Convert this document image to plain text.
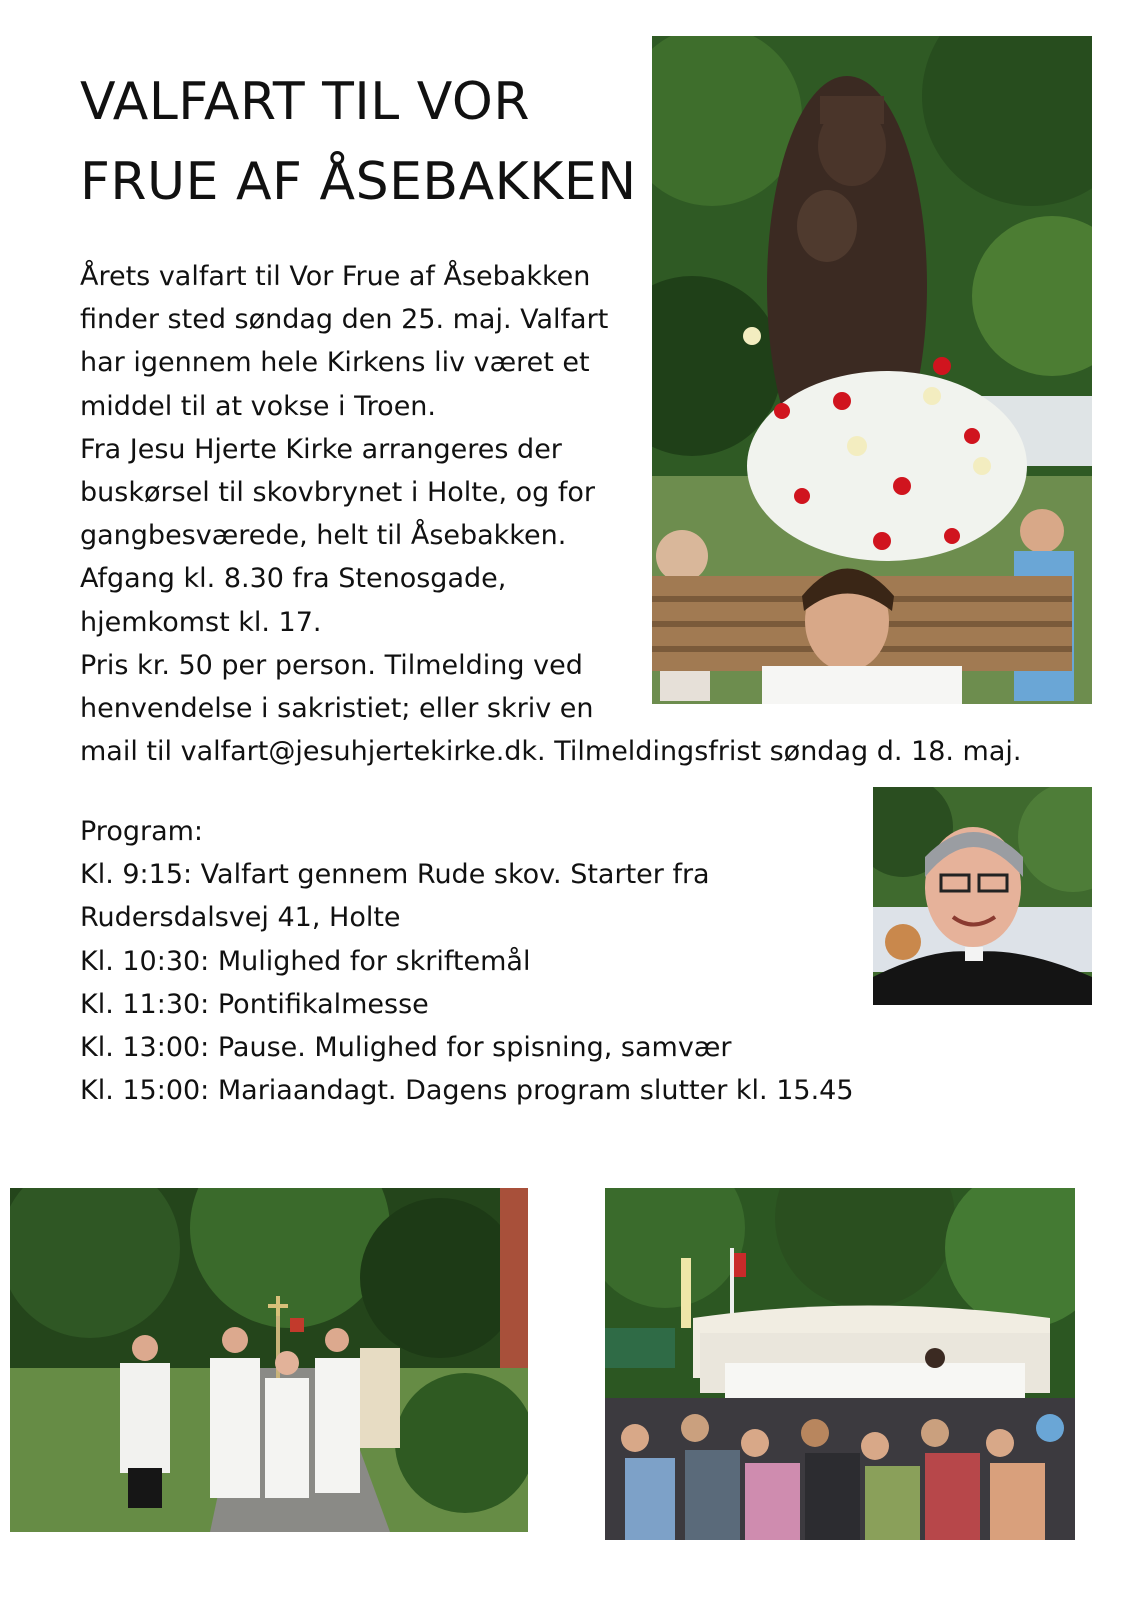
VALFART TIL VOR
FRUE AF ÅSEBAKKEN
Årets valfart til Vor Frue af Åsebakken
finder sted søndag den 25. maj. Valfart
har igennem hele Kirkens liv været et
middel til at vokse i Troen.
Fra Jesu Hjerte Kirke arrangeres der
buskørsel til skovbrynet i Holte, og for
gangbesværede, helt til Åsebakken.
Afgang kl. 8.30 fra Stenosgade,
hjemkomst kl. 17.
Pris kr. 50 per person. Tilmelding ved
henvendelse i sakristiet; eller skriv en
mail til valfart@jesuhjertekirke.dk. Tilmeldingsfrist søndag d. 18. maj.
Program:
Kl. 9:15: Valfart gennem Rude skov. Starter fra
Rudersdalsvej 41, Holte
Kl. 10:30: Mulighed for skriftemål
Kl. 11:30: Pontifikalmesse
Kl. 13:00: Pause. Mulighed for spisning, samvær
Kl. 15:00: Mariaandagt. Dagens program slutter kl. 15.45
